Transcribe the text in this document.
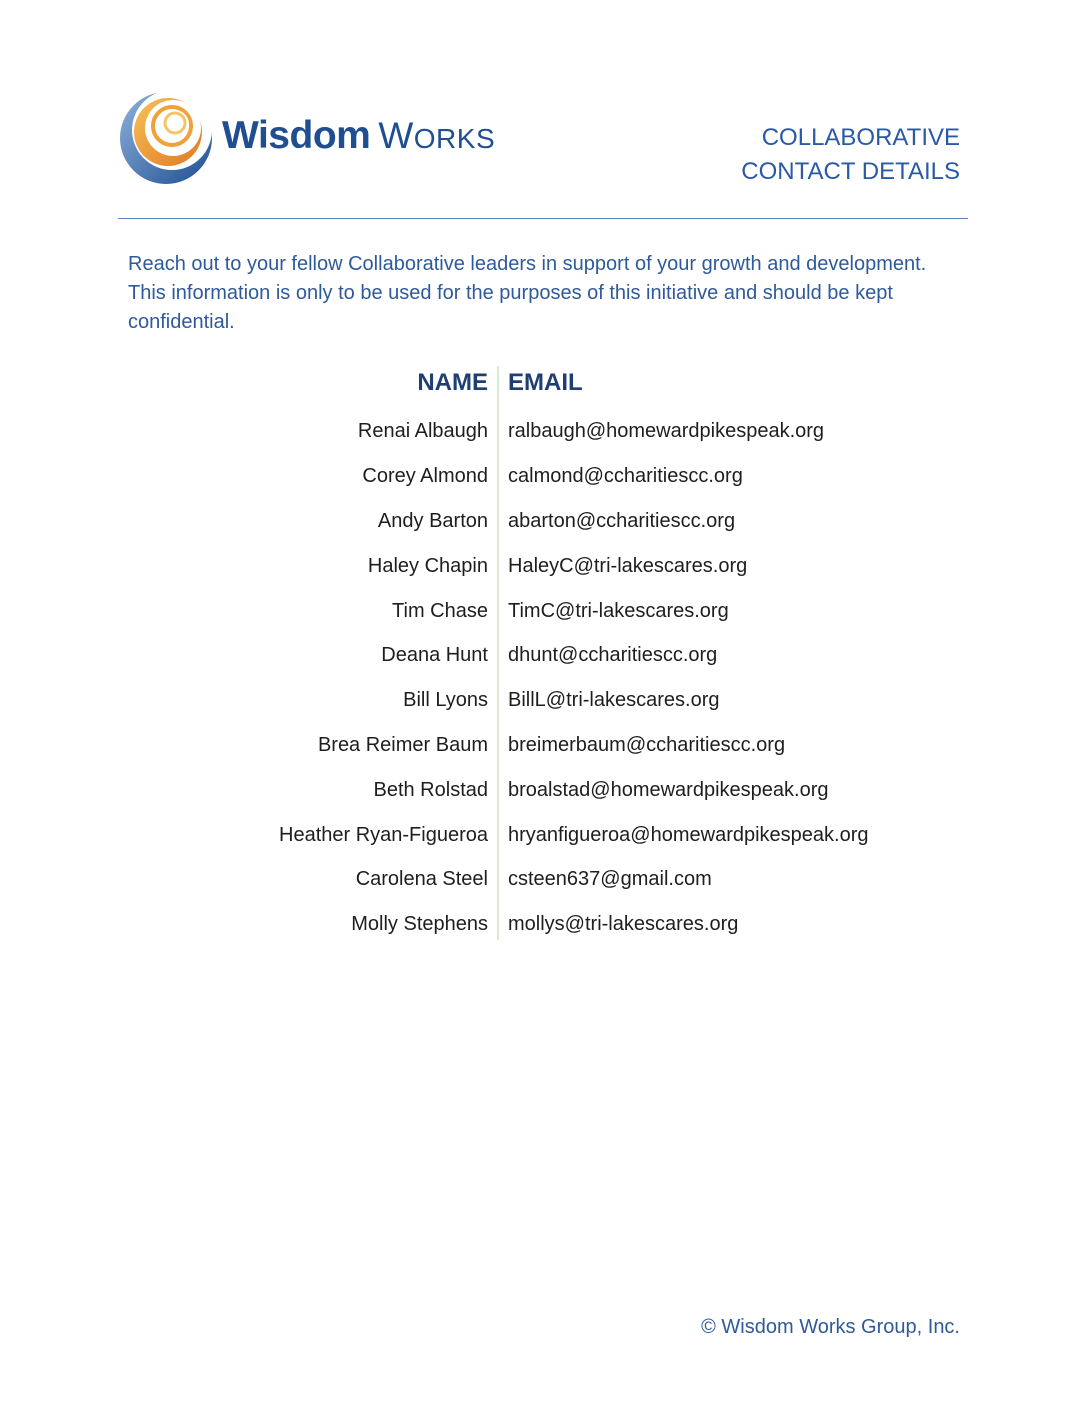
Wisdom WORKS	COLLABORATIVE
CONTACT DETAILS
Reach out to your fellow Collaborative leaders in support of your growth and development. This information is only to be used for the purposes of this initiative and should be kept confidential.
NAME EMAIL
Renai Albaugh ralbaugh@homewardpikespeak.org
Corey Almond calmond@ccharitiescc.org
Andy Barton abarton@ccharitiescc.org
Haley Chapin HaleyC@tri-lakescares.org
Tim Chase TimC@tri-lakescares.org
Deana Hunt dhunt@ccharitiescc.org
Bill Lyons BillL@tri-lakescares.org
Brea Reimer Baum breimerbaum@ccharitiescc.org
Beth Rolstad broalstad@homewardpikespeak.org
Heather Ryan-Figueroa hryanfigueroa@homewardpikespeak.org
Carolena Steel csteen637@gmail.com
Molly Stephens mollys@tri-lakescares.org
© Wisdom Works Group, Inc.
